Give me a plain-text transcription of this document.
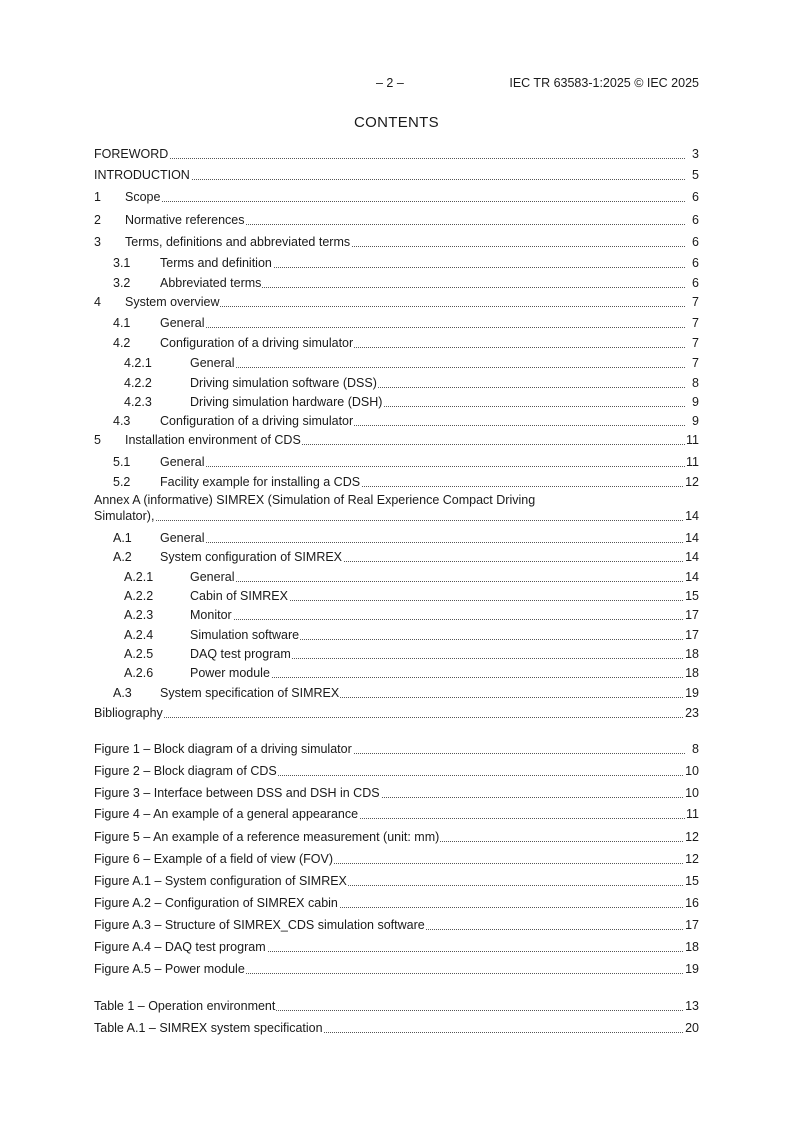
– 2 –	IEC TR 63583-1:2025 © IEC 2025
CONTENTS
FOREWORD	3
INTRODUCTION	5
1 Scope	6
2 Normative references	6
3 Terms, definitions and abbreviated terms	6
3.1 Terms and definition	6
3.2 Abbreviated terms	6
4 System overview	7
4.1 General	7
4.2 Configuration of a driving simulator	7
4.2.1	General	7
4.2.2	Driving simulation software (DSS)	8
4.2.3	Driving simulation hardware (DSH)	9
4.3 Configuration of a driving simulator	9
5 Installation environment of CDS	11
5.1 General	11
5.2 Facility example for installing a CDS	12
Annex A (informative) SIMREX (Simulation of Real Experience Compact Driving
Simulator),	14
A.1 General	14
A.2 System configuration of SIMREX	14
A.2.1	General	14
A.2.2	Cabin of SIMREX	15
A.2.3	Monitor	17
A.2.4	Simulation software	17
A.2.5	DAQ test program	18
A.2.6	Power module	18
A.3 System specification of SIMREX	19
Bibliography	23
Figure 1 – Block diagram of a driving simulator	8
Figure 2 – Block diagram of CDS	10
Figure 3 – Interface between DSS and DSH in CDS	10
Figure 4 – An example of a general appearance	11
Figure 5 – An example of a reference measurement (unit: mm)	12
Figure 6 – Example of a field of view (FOV)	12
Figure A.1 – System configuration of SIMREX	15
Figure A.2 – Configuration of SIMREX cabin	16
Figure A.3 – Structure of SIMREX_CDS simulation software	17
Figure A.4 – DAQ test program	18
Figure A.5 – Power module	19
Table 1 – Operation environment	13
Table A.1 – SIMREX system specification	20
